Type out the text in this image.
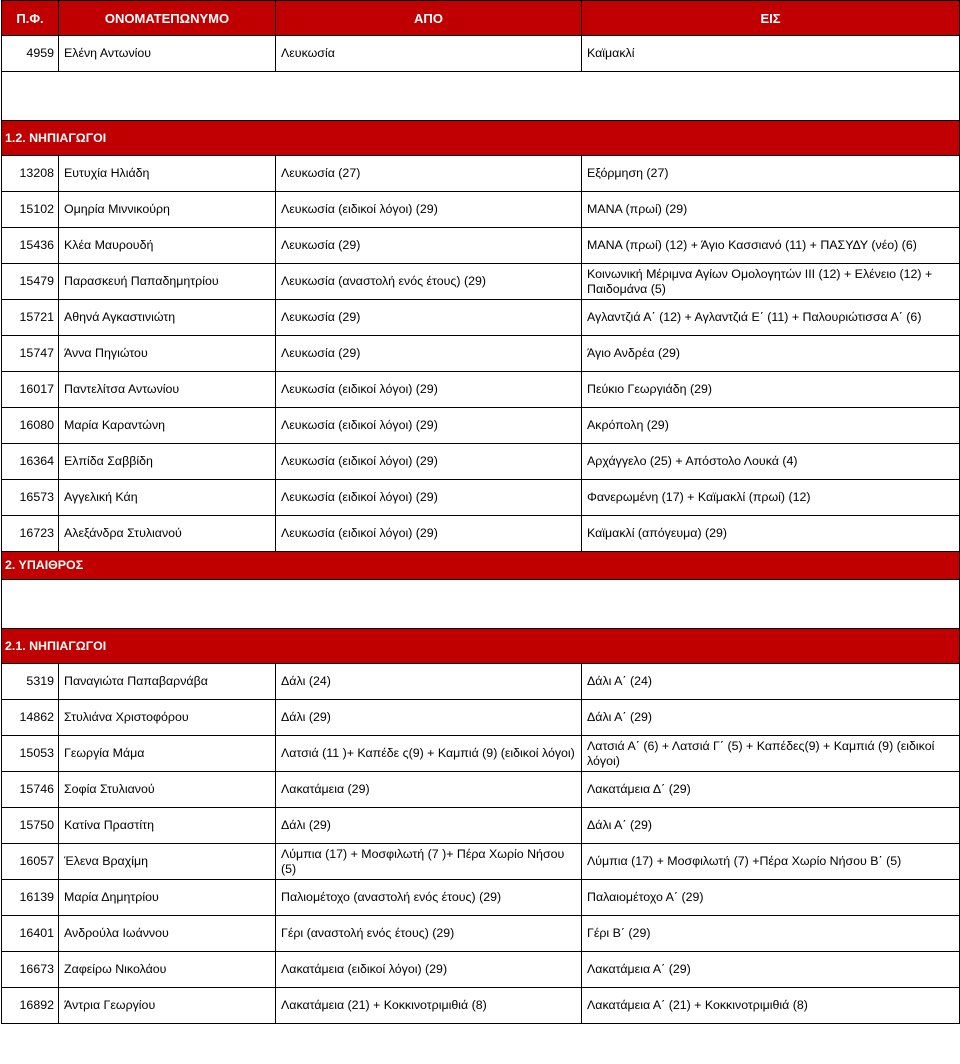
Π.Φ.	ΟΝΟΜΑΤΕΠΩΝΥΜΟ	ΑΠΟ	ΕΙΣ
4959	Ελένη Αντωνίου	Λευκωσία	Καϊμακλί

1.2. ΝΗΠΙΑΓΩΓΟΙ			
13208	Ευτυχία Ηλιάδη	Λευκωσία (27)	Εξόρμηση (27)
15102	Ομηρία Μιννικούρη	Λευκωσία (ειδικοί λόγοι) (29)	ΜΑΝΑ (πρωί) (29)
15436	Κλέα Μαυρουδή	Λευκωσία (29)	ΜΑΝΑ (πρωί) (12) + Άγιο Κασσιανό (11) + ΠΑΣΥΔΥ (νέο) (6)
15479	Παρασκευή Παπαδημητρίου	Λευκωσία (αναστολή ενός έτους) (29)	Κοινωνική Μέριμνα Αγίων Ομολογητών ΙΙΙ (12) + Ελένειο (12) + Παιδομάνα (5)
15721	Αθηνά Αγκαστινιώτη	Λευκωσία (29)	Αγλαντζιά Α΄ (12) + Αγλαντζιά Ε΄ (11) + Παλουριώτισσα Α΄ (6)
15747	Άννα Πηγιώτου	Λευκωσία (29)	Άγιο Ανδρέα (29)
16017	Παντελίτσα Αντωνίου	Λευκωσία (ειδικοί λόγοι) (29)	Πεύκιο Γεωργιάδη (29)
16080	Μαρία Καραντώνη	Λευκωσία (ειδικοί λόγοι) (29)	Ακρόπολη (29)
16364	Ελπίδα Σαββίδη	Λευκωσία (ειδικοί λόγοι) (29)	Αρχάγγελο (25) + Απόστολο Λουκά (4)
16573	Αγγελική Κάη	Λευκωσία (ειδικοί λόγοι) (29)	Φανερωμένη (17) + Καϊμακλί (πρωί) (12)
16723	Αλεξάνδρα Στυλιανού	Λευκωσία (ειδικοί λόγοι) (29)	Καϊμακλί (απόγευμα) (29)
2. ΥΠΑΙΘΡΟΣ			

2.1. ΝΗΠΙΑΓΩΓΟΙ			
5319	Παναγιώτα Παπαβαρνάβα	Δάλι (24)	Δάλι Α΄ (24)
14862	Στυλιάνα Χριστοφόρου	Δάλι (29)	Δάλι Α΄ (29)
15053	Γεωργία Μάμα	Λατσιά (11 )+ Καπέδε ς(9) + Καμπιά (9) (ειδικοί λόγοι)	Λατσιά Α΄ (6) + Λατσιά Γ΄ (5) + Καπέδες(9) + Καμπιά (9) (ειδικοί λόγοι)
15746	Σοφία Στυλιανού	Λακατάμεια (29)	Λακατάμεια Δ΄ (29)
15750	Κατίνα Πραστίτη	Δάλι (29)	Δάλι Α΄ (29)
16057	Έλενα Βραχίμη	Λύμπια (17) + Μοσφιλωτή (7 )+ Πέρα Χωρίο Νήσου (5)	Λύμπια (17) + Μοσφιλωτή (7) +Πέρα Χωρίο Νήσου Β΄ (5)
16139	Μαρία Δημητρίου	Παλιομέτοχο (αναστολή ενός έτους) (29)	Παλαιομέτοχο Α΄ (29)
16401	Ανδρούλα Ιωάννου	Γέρι (αναστολή ενός έτους) (29)	Γέρι Β΄ (29)
16673	Ζαφείρω Νικολάου	Λακατάμεια (ειδικοί λόγοι) (29)	Λακατάμεια Α΄ (29)
16892	Άντρια Γεωργίου	Λακατάμεια (21) + Κοκκινοτριμιθιά (8)	Λακατάμεια Α΄ (21) + Κοκκινοτριμιθιά (8)
